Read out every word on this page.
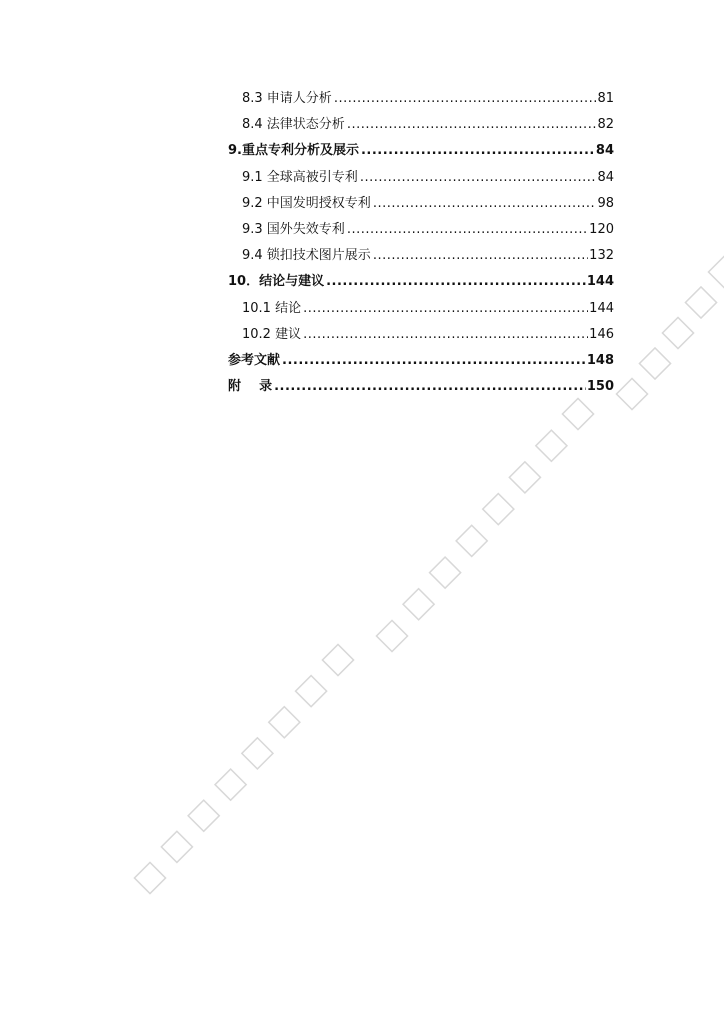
8.3 申请人分析 .....	81
8.4 法律状态分析 .....	82
9.重点专利分析及展示 .....	84
9.1 全球高被引专利 .....	84
9.2 中国发明授权专利 .....	98
9.3 国外失效专利 .....	120
9.4 锁扣技术图片展示 .....	132
10．结论与建议 .....	144
10.1 结论 .....	144
10.2 建议 .....	146
参考文献 .....	148
附    录 .....	150
